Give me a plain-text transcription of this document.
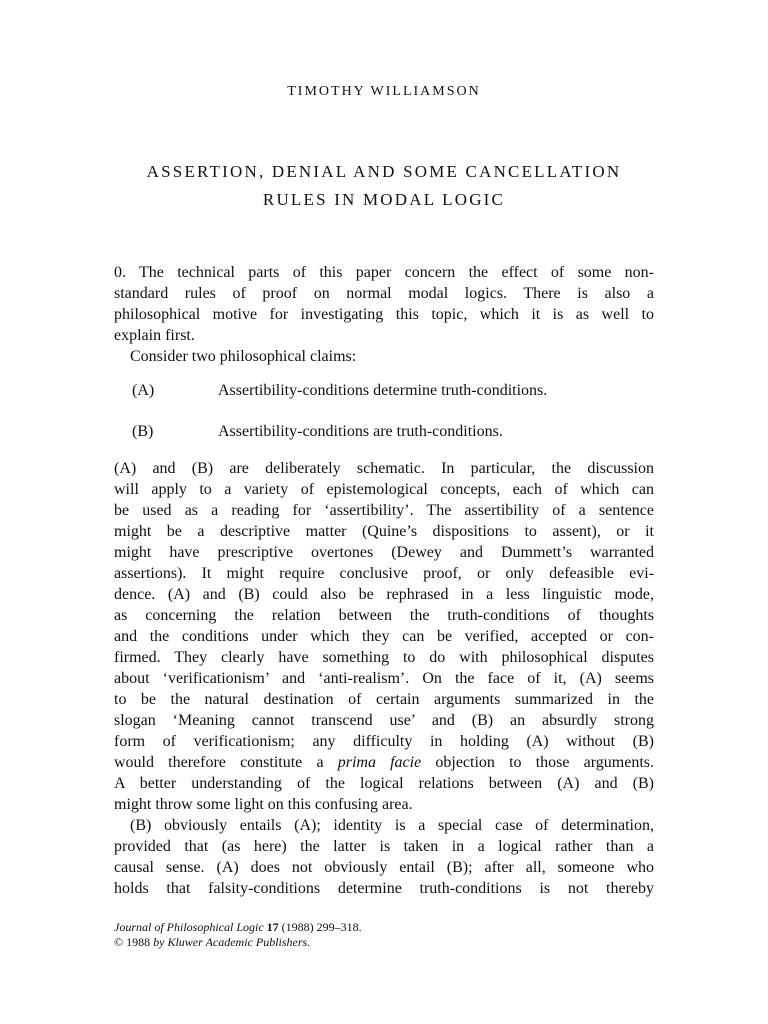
TIMOTHY WILLIAMSON
ASSERTION, DENIAL AND SOME CANCELLATION
RULES IN MODAL LOGIC
0. The technical parts of this paper concern the effect of some non-
standard rules of proof on normal modal logics. There is also a
philosophical motive for investigating this topic, which it is as well to
explain first.
Consider two philosophical claims:
(A)	Assertibility-conditions determine truth-conditions.
(B)	Assertibility-conditions are truth-conditions.
(A) and (B) are deliberately schematic. In particular, the discussion
will apply to a variety of epistemological concepts, each of which can
be used as a reading for ‘assertibility’. The assertibility of a sentence
might be a descriptive matter (Quine’s dispositions to assent), or it
might have prescriptive overtones (Dewey and Dummett’s warranted
assertions). It might require conclusive proof, or only defeasible evi-
dence. (A) and (B) could also be rephrased in a less linguistic mode,
as concerning the relation between the truth-conditions of thoughts
and the conditions under which they can be verified, accepted or con-
firmed. They clearly have something to do with philosophical disputes
about ‘verificationism’ and ‘anti-realism’. On the face of it, (A) seems
to be the natural destination of certain arguments summarized in the
slogan ‘Meaning cannot transcend use’ and (B) an absurdly strong
form of verificationism; any difficulty in holding (A) without (B)
would therefore constitute a prima facie objection to those arguments.
A better understanding of the logical relations between (A) and (B)
might throw some light on this confusing area.
(B) obviously entails (A); identity is a special case of determination,
provided that (as here) the latter is taken in a logical rather than a
causal sense. (A) does not obviously entail (B); after all, someone who
holds that falsity-conditions determine truth-conditions is not thereby
Journal of Philosophical Logic 17 (1988) 299–318.
© 1988 by Kluwer Academic Publishers.
